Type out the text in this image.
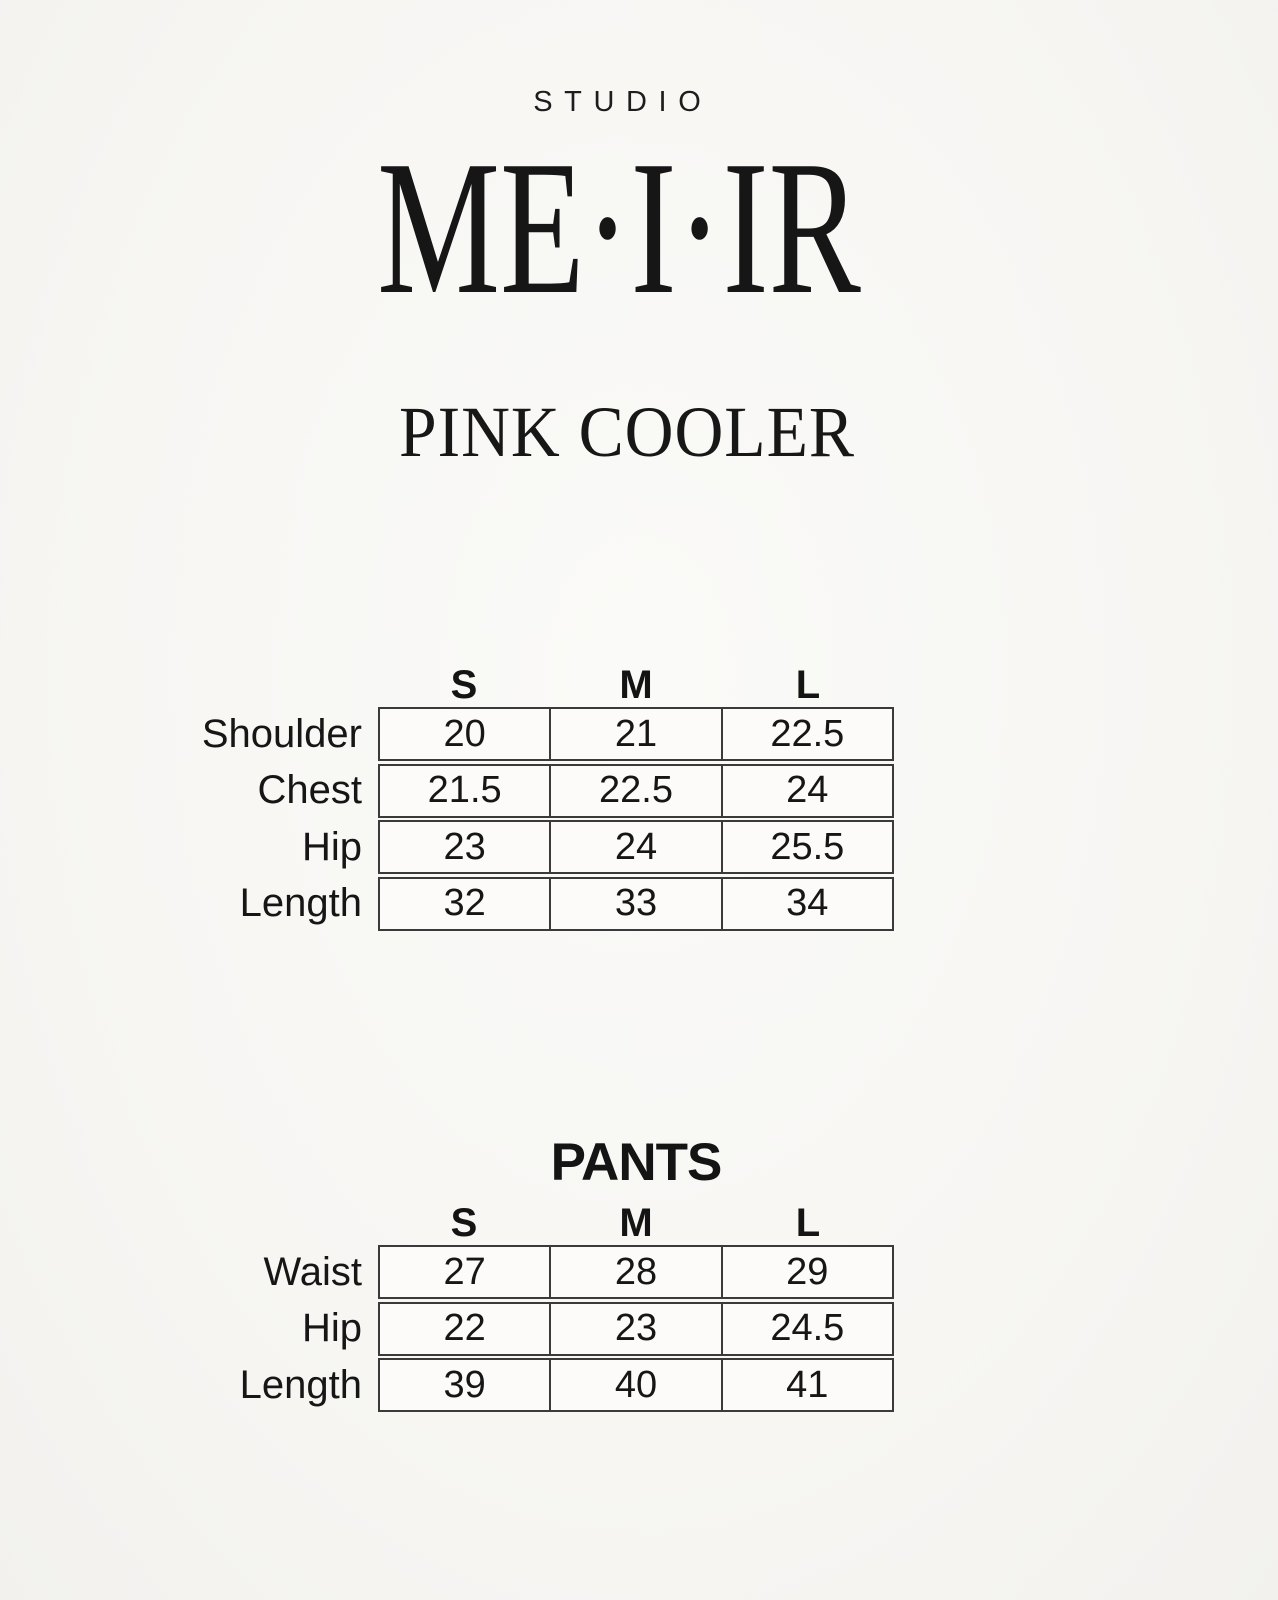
STUDIO
ME·I·IR
PINK COOLER
S	M	L
Shoulder	20	21	22.5
Chest	21.5	22.5	24
Hip	23	24	25.5
Length	32	33	34
PANTS
S	M	L
Waist	27	28	29
Hip	22	23	24.5
Length	39	40	41
